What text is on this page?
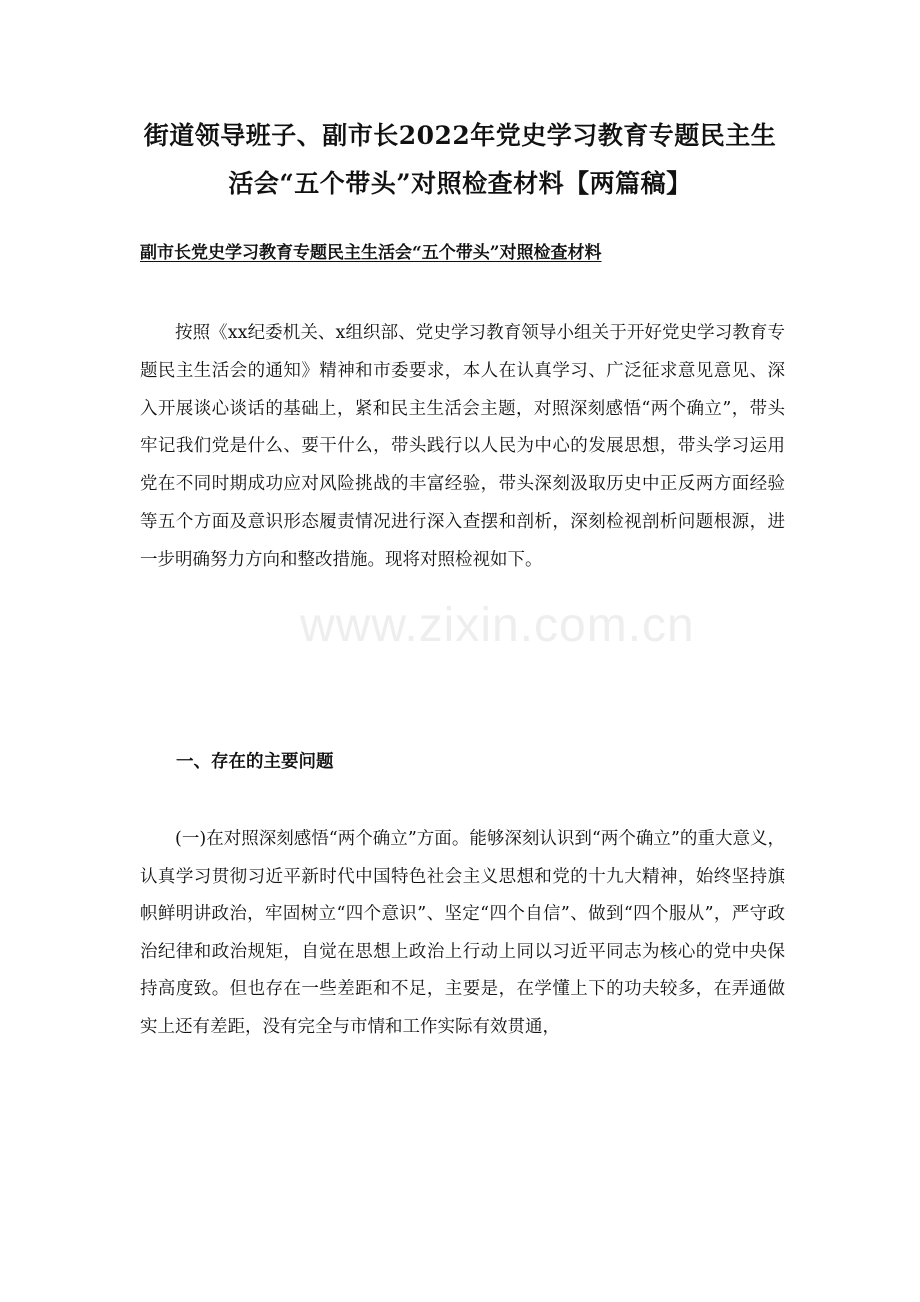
街道领导班子、副市长2022年党史学习教育专题民主生活会“五个带头”对照检查材料【两篇稿】
副市长党史学习教育专题民主生活会“五个带头”对照检查材料

按照《xx纪委机关、x组织部、党史学习教育领导小组关于开好党史学习教育专题民主生活会的通知》精神和市委要求，本人在认真学习、广泛征求意见意见、深入开展谈心谈话的基础上，紧和民主生活会主题，对照深刻感悟“两个确立”，带头牢记我们党是什么、要干什么，带头践行以人民为中心的发展思想，带头学习运用党在不同时期成功应对风险挑战的丰富经验，带头深刻汲取历史中正反两方面经验等五个方面及意识形态履责情况进行深入查摆和剖析，深刻检视剖析问题根源，进一步明确努力方向和整改措施。现将对照检视如下。

www.zixin.com.cn
一、存在的主要问题

(一)在对照深刻感悟“两个确立”方面。能够深刻认识到“两个确立”的重大意义，认真学习贯彻习近平新时代中国特色社会主义思想和党的十九大精神，始终坚持旗帜鲜明讲政治，牢固树立“四个意识”、坚定“四个自信”、做到“四个服从”，严守政治纪律和政治规矩，自觉在思想上政治上行动上同以习近平同志为核心的党中央保持高度致。但也存在一些差距和不足，主要是，在学懂上下的功夫较多，在弄通做实上还有差距，没有完全与市情和工作实际有效贯通，
